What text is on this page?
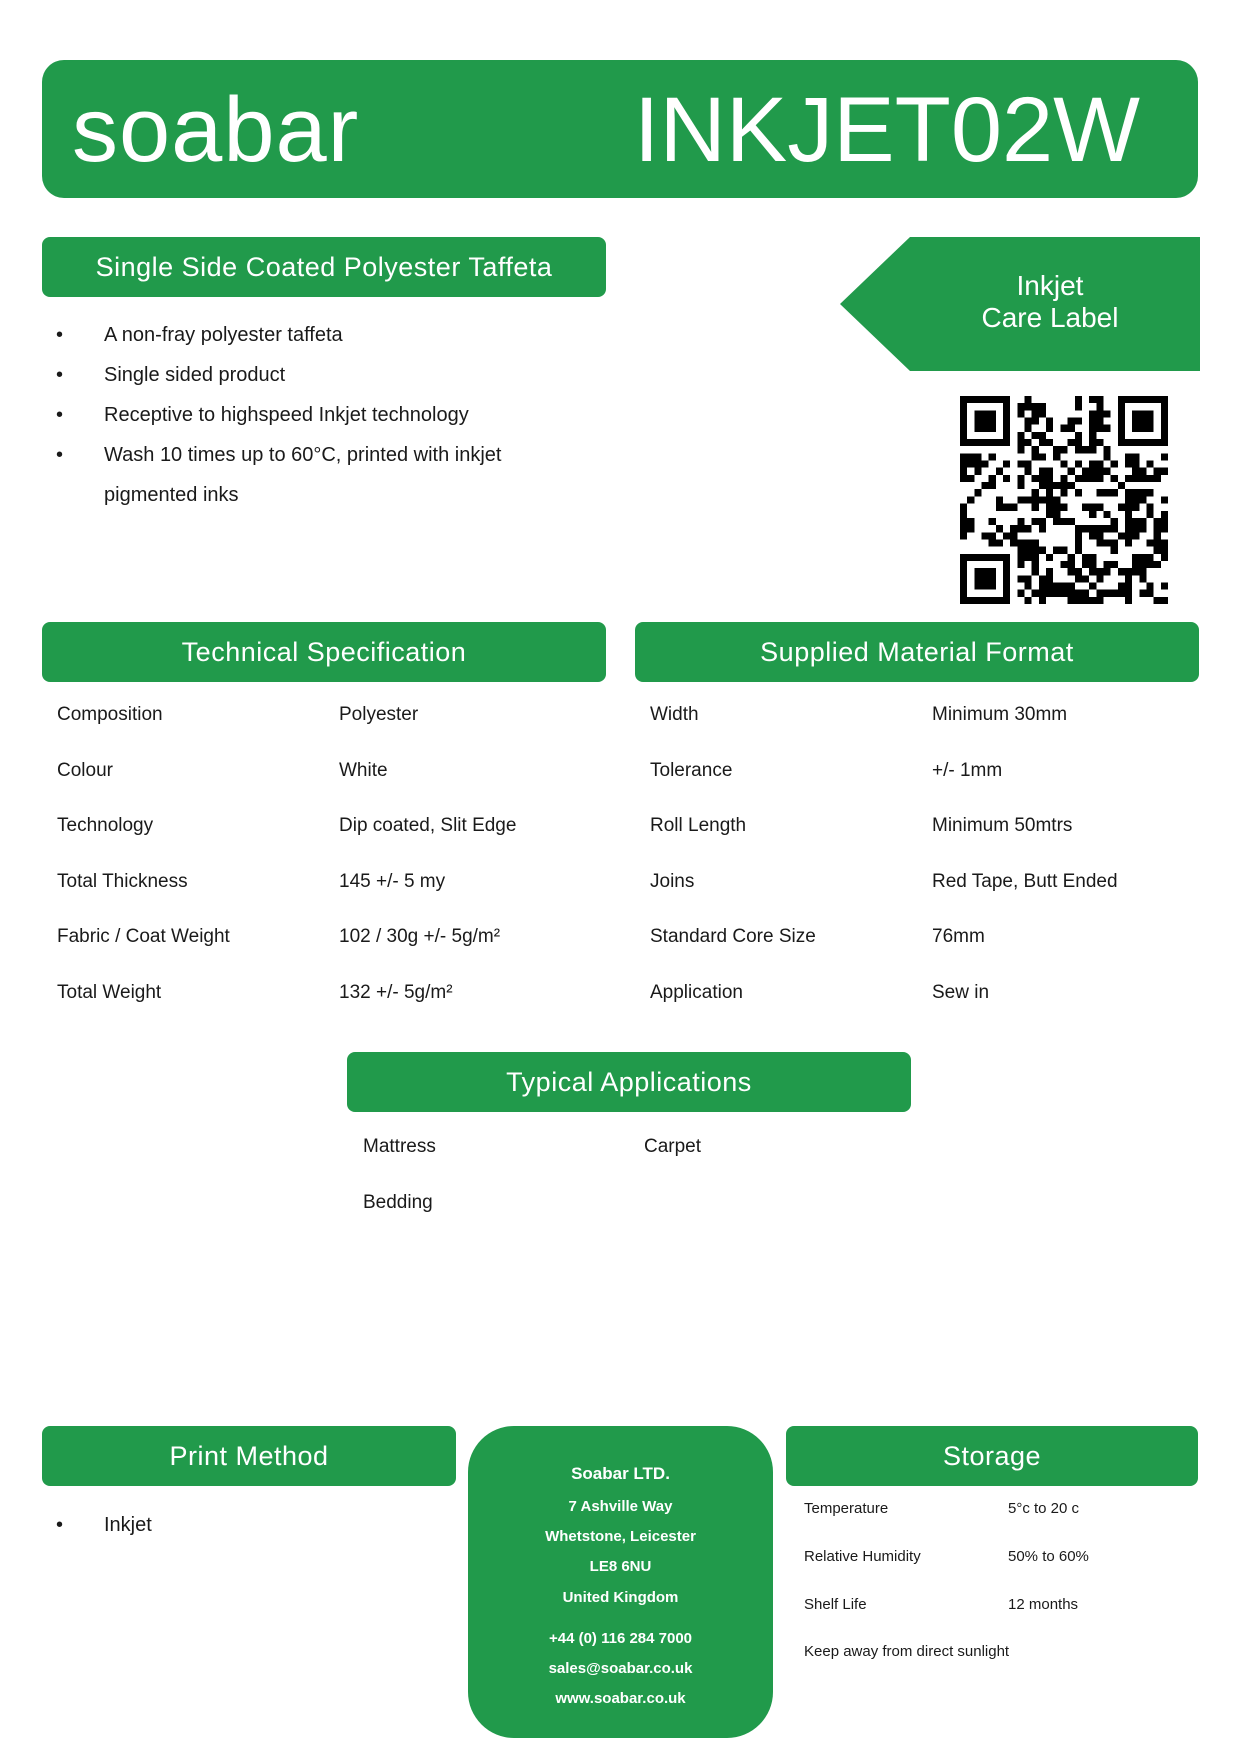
soabar	INKJET02W
Single Side Coated Polyester Taffeta
• A non-fray polyester taffeta
• Single sided product
• Receptive to highspeed Inkjet technology
• Wash 10 times up to 60°C, printed with inkjet pigmented inks
Inkjet
Care Label
Technical Specification
Composition	Polyester
Colour	White
Technology	Dip coated, Slit Edge
Total Thickness	145 +/- 5 my
Fabric / Coat Weight	102 / 30g +/- 5g/m²
Total Weight	132 +/- 5g/m²
Supplied Material Format
Width	Minimum 30mm
Tolerance	+/- 1mm
Roll Length	Minimum 50mtrs
Joins	Red Tape, Butt Ended
Standard Core Size	76mm
Application	Sew in
Typical Applications
Mattress	Carpet
Bedding
Print Method
• Inkjet
Soabar LTD.
7 Ashville Way
Whetstone, Leicester
LE8 6NU
United Kingdom
+44 (0) 116 284 7000
sales@soabar.co.uk
www.soabar.co.uk
Storage
Temperature	5°c to 20 c
Relative Humidity	50% to 60%
Shelf Life	12 months
Keep away from direct sunlight
